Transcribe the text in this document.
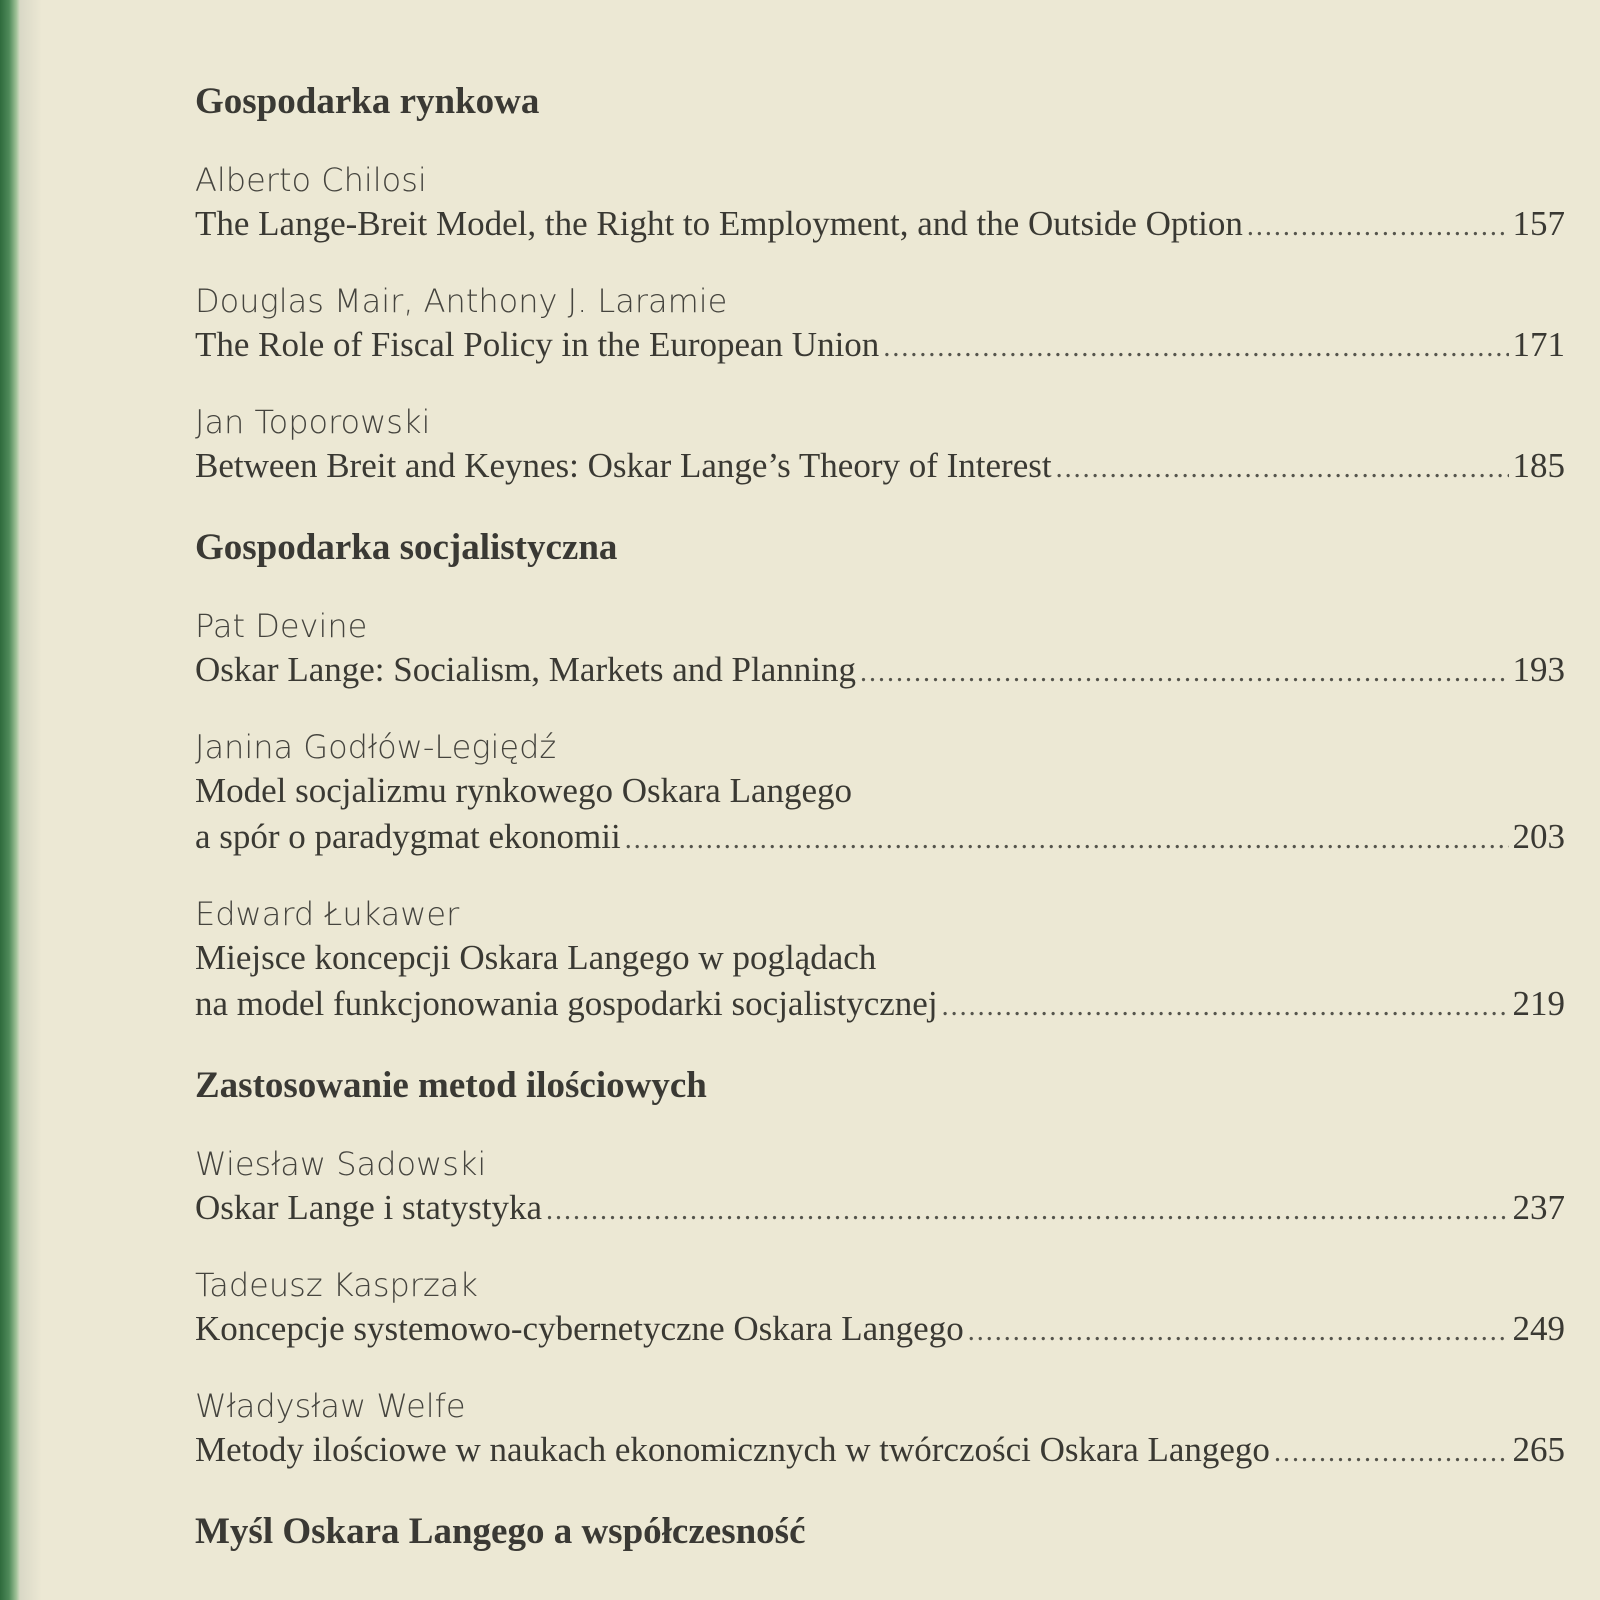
Gospodarka rynkowa
Alberto Chilosi
The Lange-Breit Model, the Right to Employment, and the Outside Option .....	157
Douglas Mair, Anthony J. Laramie
The Role of Fiscal Policy in the European Union .....	171
Jan Toporowski
Between Breit and Keynes: Oskar Lange’s Theory of Interest .....	185
Gospodarka socjalistyczna
Pat Devine
Oskar Lange: Socialism, Markets and Planning .....	193
Janina Godłów-Legiędź
Model socjalizmu rynkowego Oskara Langego
a spór o paradygmat ekonomii .....	203
Edward Łukawer
Miejsce koncepcji Oskara Langego w poglądach
na model funkcjonowania gospodarki socjalistycznej .....	219
Zastosowanie metod ilościowych
Wiesław Sadowski
Oskar Lange i statystyka .....	237
Tadeusz Kasprzak
Koncepcje systemowo-cybernetyczne Oskara Langego .....	249
Władysław Welfe
Metody ilościowe w naukach ekonomicznych w twórczości Oskara Langego .....	265
Myśl Oskara Langego a współczesność
